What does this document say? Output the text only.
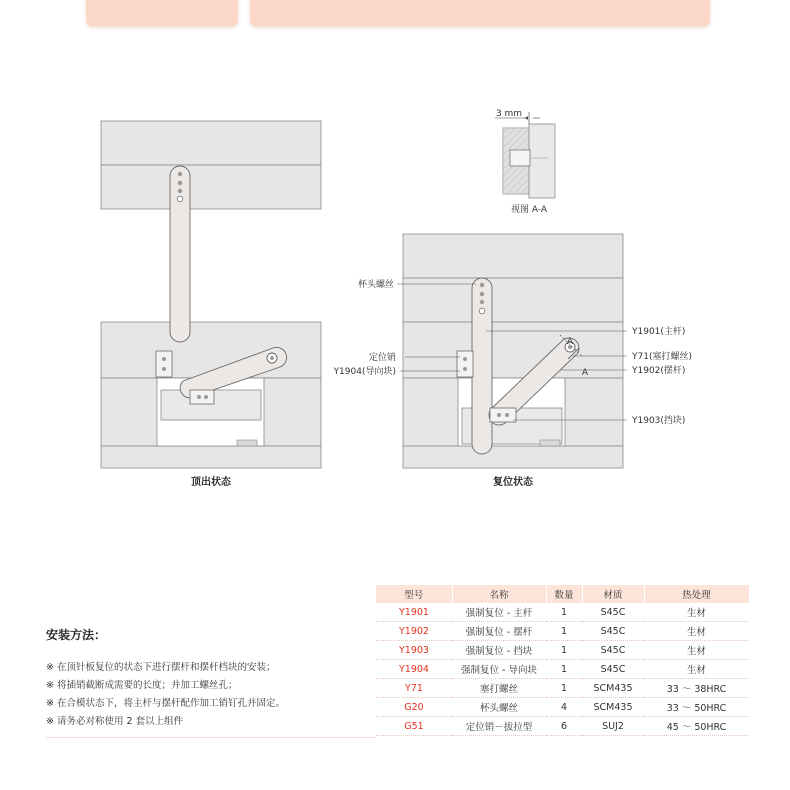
顶出状态
3 mm
视图 A-A
A
A
杯头螺丝
定位销
Y1904(导向块)
Y1901(主杆)
Y71(塞打螺丝)
Y1902(摆杆)
Y1903(挡块)
复位状态
安装方法：

※ 在顶针板复位的状态下进行摆杆和摆杆档块的安装；

※ 将插销截断成需要的长度；并加工螺丝孔；

※ 在合模状态下，将主杆与摆杆配作加工销钉孔并固定。

※ 请务必对称使用 2 套以上组件

型号	名称	数量	材质	热处理
Y1901	强制复位 - 主杆	1	S45C	生材
Y1902	强制复位 - 摆杆	1	S45C	生材
Y1903	强制复位 - 挡块	1	S45C	生材
Y1904	强制复位 - 导向块	1	S45C	生材
Y71	塞打螺丝	1	SCM435	33 ～ 38HRC
G20	杯头螺丝	4	SCM435	33 ～ 50HRC
G51	定位销－拔拉型	6	SUJ2	45 ～ 50HRC
